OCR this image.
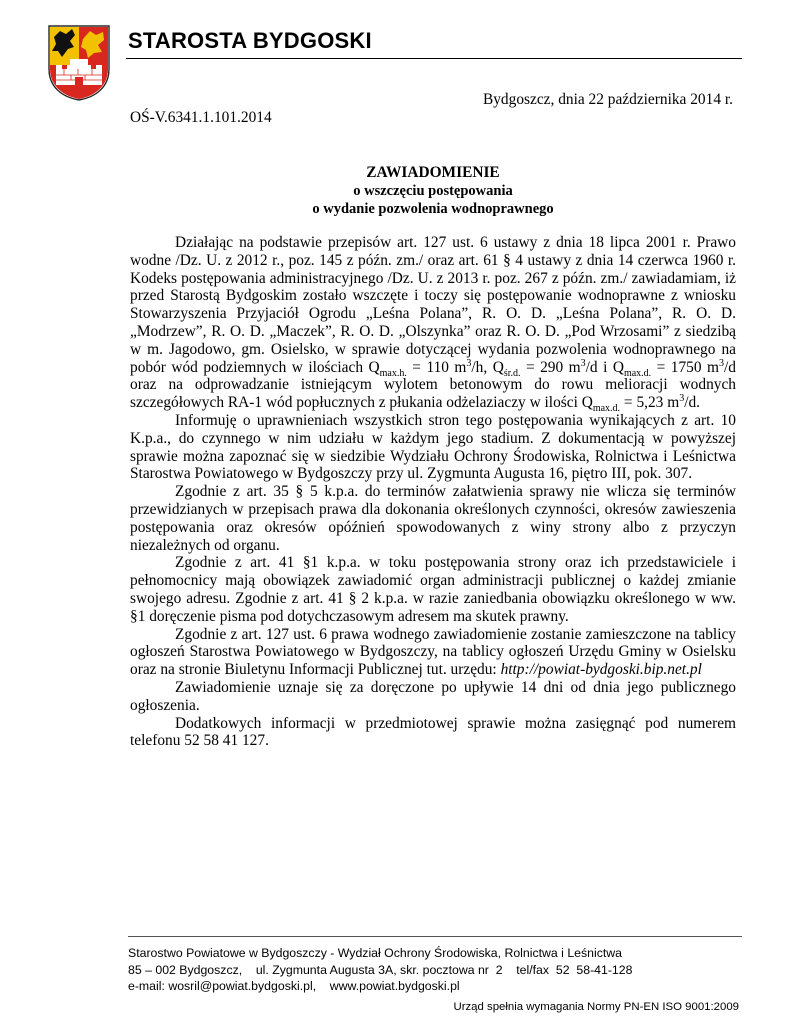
STAROSTA BYDGOSKI
Bydgoszcz, dnia 22 października 2014 r.
OŚ-V.6341.1.101.2014
ZAWIADOMIENIE
o wszczęciu postępowania
o wydanie pozwolenia wodnoprawnego

Działając na podstawie przepisów art. 127 ust. 6 ustawy z dnia 18 lipca 2001 r. Prawo wodne /Dz. U. z 2012 r., poz. 145 z późn. zm./ oraz art. 61 § 4 ustawy z dnia 14 czerwca 1960 r. Kodeks postępowania administracyjnego /Dz. U. z 2013 r. poz. 267 z późn. zm./ zawiadamiam, iż przed Starostą Bydgoskim zostało wszczęte i toczy się postępowanie wodnoprawne z wniosku Stowarzyszenia Przyjaciół Ogrodu „Leśna Polana”, R. O. D. „Leśna Polana”, R. O. D. „Modrzew”, R. O. D. „Maczek”, R. O. D. „Olszynka” oraz R. O. D. „Pod Wrzosami” z siedzibą w m. Jagodowo, gm. Osielsko, w sprawie dotyczącej wydania pozwolenia wodnoprawnego na pobór wód podziemnych w ilościach $Q_{max.h.} = 110$ $m^3/h$, $Q_{śr.d.} = 290$ $m^3/d$ i $Q_{max.d.} = 1750$ $m^3/d$ oraz na odprowadzanie istniejącym wylotem betonowym do rowu melioracji wodnych szczegółowych RA-1 wód popłucznych z płukania odżelaziaczy w ilości $Q_{max.d.} = 5,23$ $m^3/d$.

Informuję o uprawnieniach wszystkich stron tego postępowania wynikających z art. 10 K.p.a., do czynnego w nim udziału w każdym jego stadium. Z dokumentacją w powyższej sprawie można zapoznać się w siedzibie Wydziału Ochrony Środowiska, Rolnictwa i Leśnictwa Starostwa Powiatowego w Bydgoszczy przy ul. Zygmunta Augusta 16, piętro III, pok. 307.

Zgodnie z art. 35 § 5 k.p.a. do terminów załatwienia sprawy nie wlicza się terminów przewidzianych w przepisach prawa dla dokonania określonych czynności, okresów zawieszenia postępowania oraz okresów opóźnień spowodowanych z winy strony albo z przyczyn niezależnych od organu.

Zgodnie z art. 41 §1 k.p.a. w toku postępowania strony oraz ich przedstawiciele i pełnomocnicy mają obowiązek zawiadomić organ administracji publicznej o każdej zmianie swojego adresu. Zgodnie z art. 41 § 2 k.p.a. w razie zaniedbania obowiązku określonego w ww. §1 doręczenie pisma pod dotychczasowym adresem ma skutek prawny.

Zgodnie z art. 127 ust. 6 prawa wodnego zawiadomienie zostanie zamieszczone na tablicy ogłoszeń Starostwa Powiatowego w Bydgoszczy, na tablicy ogłoszeń Urzędu Gminy w Osielsku oraz na stronie Biuletynu Informacji Publicznej tut. urzędu: http://powiat-bydgoski.bip.net.pl

Zawiadomienie uznaje się za doręczone po upływie 14 dni od dnia jego publicznego ogłoszenia.

Dodatkowych informacji w przedmiotowej sprawie można zasięgnąć pod numerem telefonu 52 58 41 127.

Starostwo Powiatowe w Bydgoszczy - Wydział Ochrony Środowiska, Rolnictwa i Leśnictwa
85 – 002 Bydgoszcz,    ul. Zygmunta Augusta 3A, skr. pocztowa nr  2    tel/fax  52  58-41-128
e-mail: wosril@powiat.bydgoski.pl,    www.powiat.bydgoski.pl
Urząd spełnia wymagania Normy PN-EN ISO 9001:2009
